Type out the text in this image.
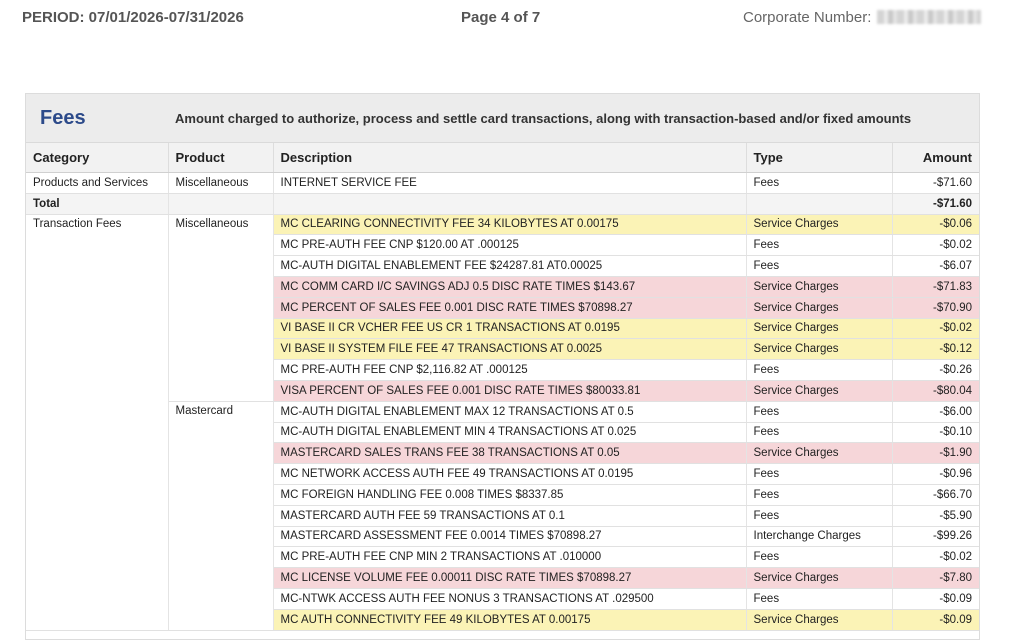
PERIOD: 07/01/2026-07/31/2026	Page 4 of 7	Corporate Number:
Fees	Amount charged to authorize, process and settle card transactions, along with transaction-based and/or fixed amounts
Category	Product	Description	Type	Amount
Products and Services	Miscellaneous	INTERNET SERVICE FEE	Fees	-$71.60
Total				-$71.60
Transaction Fees	Miscellaneous	MC CLEARING CONNECTIVITY FEE 34 KILOBYTES AT 0.00175	Service Charges	-$0.06
		MC PRE-AUTH FEE CNP $120.00 AT .000125	Fees	-$0.02
		MC-AUTH DIGITAL ENABLEMENT FEE $24287.81 AT0.00025	Fees	-$6.07
		MC COMM CARD I/C SAVINGS ADJ 0.5 DISC RATE TIMES $143.67	Service Charges	-$71.83
		MC PERCENT OF SALES FEE 0.001 DISC RATE TIMES $70898.27	Service Charges	-$70.90
		VI BASE II CR VCHER FEE US CR 1 TRANSACTIONS AT 0.0195	Service Charges	-$0.02
		VI BASE II SYSTEM FILE FEE 47 TRANSACTIONS AT 0.0025	Service Charges	-$0.12
		MC PRE-AUTH FEE CNP $2,116.82 AT .000125	Fees	-$0.26
		VISA PERCENT OF SALES FEE 0.001 DISC RATE TIMES $80033.81	Service Charges	-$80.04
	Mastercard	MC-AUTH DIGITAL ENABLEMENT MAX 12 TRANSACTIONS AT 0.5	Fees	-$6.00
		MC-AUTH DIGITAL ENABLEMENT MIN 4 TRANSACTIONS AT 0.025	Fees	-$0.10
		MASTERCARD SALES TRANS FEE 38 TRANSACTIONS AT 0.05	Service Charges	-$1.90
		MC NETWORK ACCESS AUTH FEE 49 TRANSACTIONS AT 0.0195	Fees	-$0.96
		MC FOREIGN HANDLING FEE 0.008 TIMES $8337.85	Fees	-$66.70
		MASTERCARD AUTH FEE 59 TRANSACTIONS AT 0.1	Fees	-$5.90
		MASTERCARD ASSESSMENT FEE 0.0014 TIMES $70898.27	Interchange Charges	-$99.26
		MC PRE-AUTH FEE CNP MIN 2 TRANSACTIONS AT .010000	Fees	-$0.02
		MC LICENSE VOLUME FEE 0.00011 DISC RATE TIMES $70898.27	Service Charges	-$7.80
		MC-NTWK ACCESS AUTH FEE NONUS 3 TRANSACTIONS AT .029500	Fees	-$0.09
		MC AUTH CONNECTIVITY FEE 49 KILOBYTES AT 0.00175	Service Charges	-$0.09
